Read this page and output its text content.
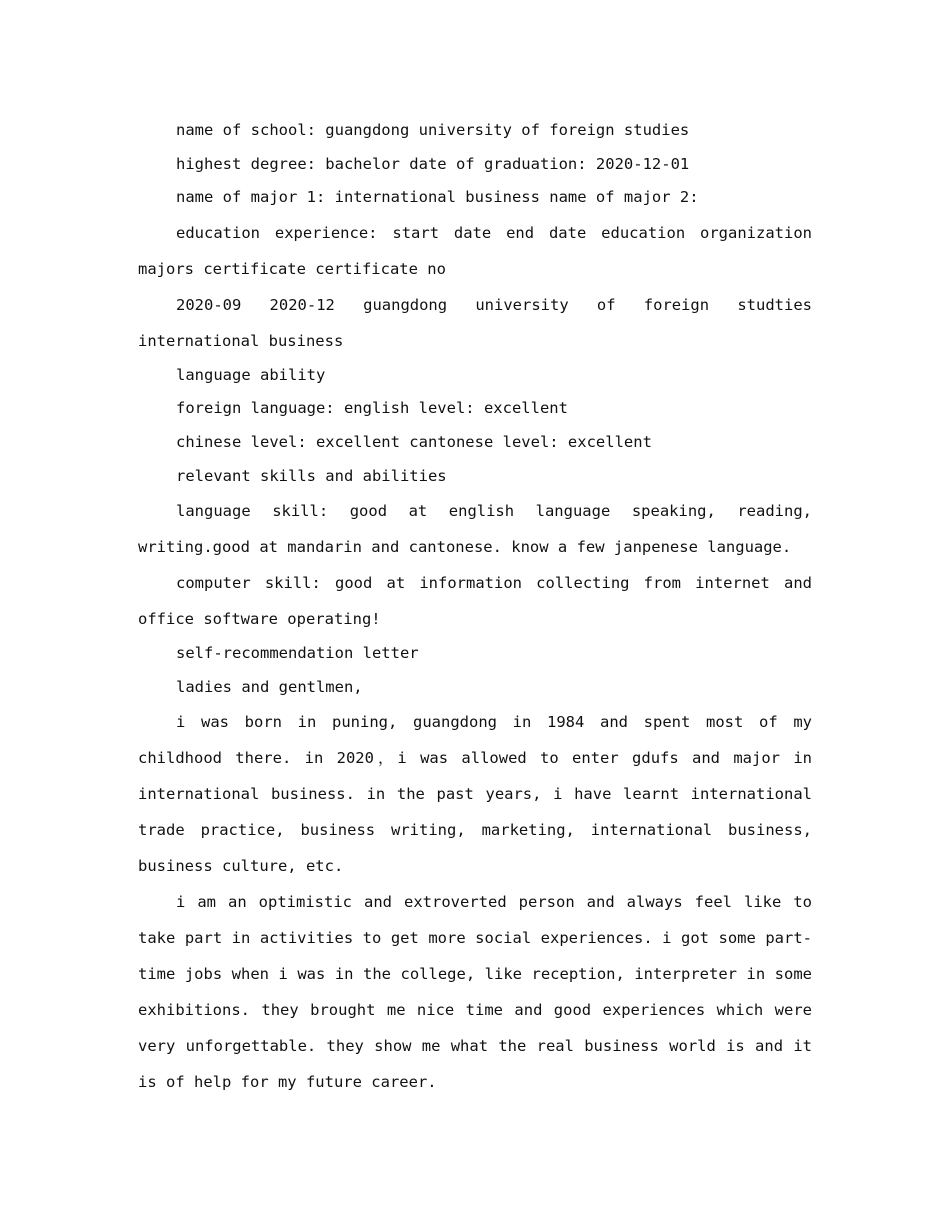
name of school: guangdong university of foreign studies

highest degree: bachelor date of graduation: 2020-12-01

name of major 1: international business name of major 2:

education experience: start date end date education organization majors certificate certificate no

2020-09 2020-12 guangdong university of foreign studties international business

language ability

foreign language: english level: excellent

chinese level: excellent cantonese level: excellent

relevant skills and abilities

language skill: good at english language speaking, reading, writing.good at mandarin and cantonese. know a few janpenese language.

computer skill: good at information collecting from internet and office software operating!

self-recommendation letter

ladies and gentlmen,

i was born in puning, guangdong in 1984 and spent most of my childhood there. in 2020，i was allowed to enter gdufs and major in international business. in the past years, i have learnt international trade practice, business writing, marketing, international business, business culture, etc.

i am an optimistic and extroverted person and always feel like to take part in activities to get more social experiences. i got some part-time jobs when i was in the college, like reception, interpreter in some exhibitions. they brought me nice time and good experiences which were very unforgettable. they show me what the real business world is and it is of help for my future career.
